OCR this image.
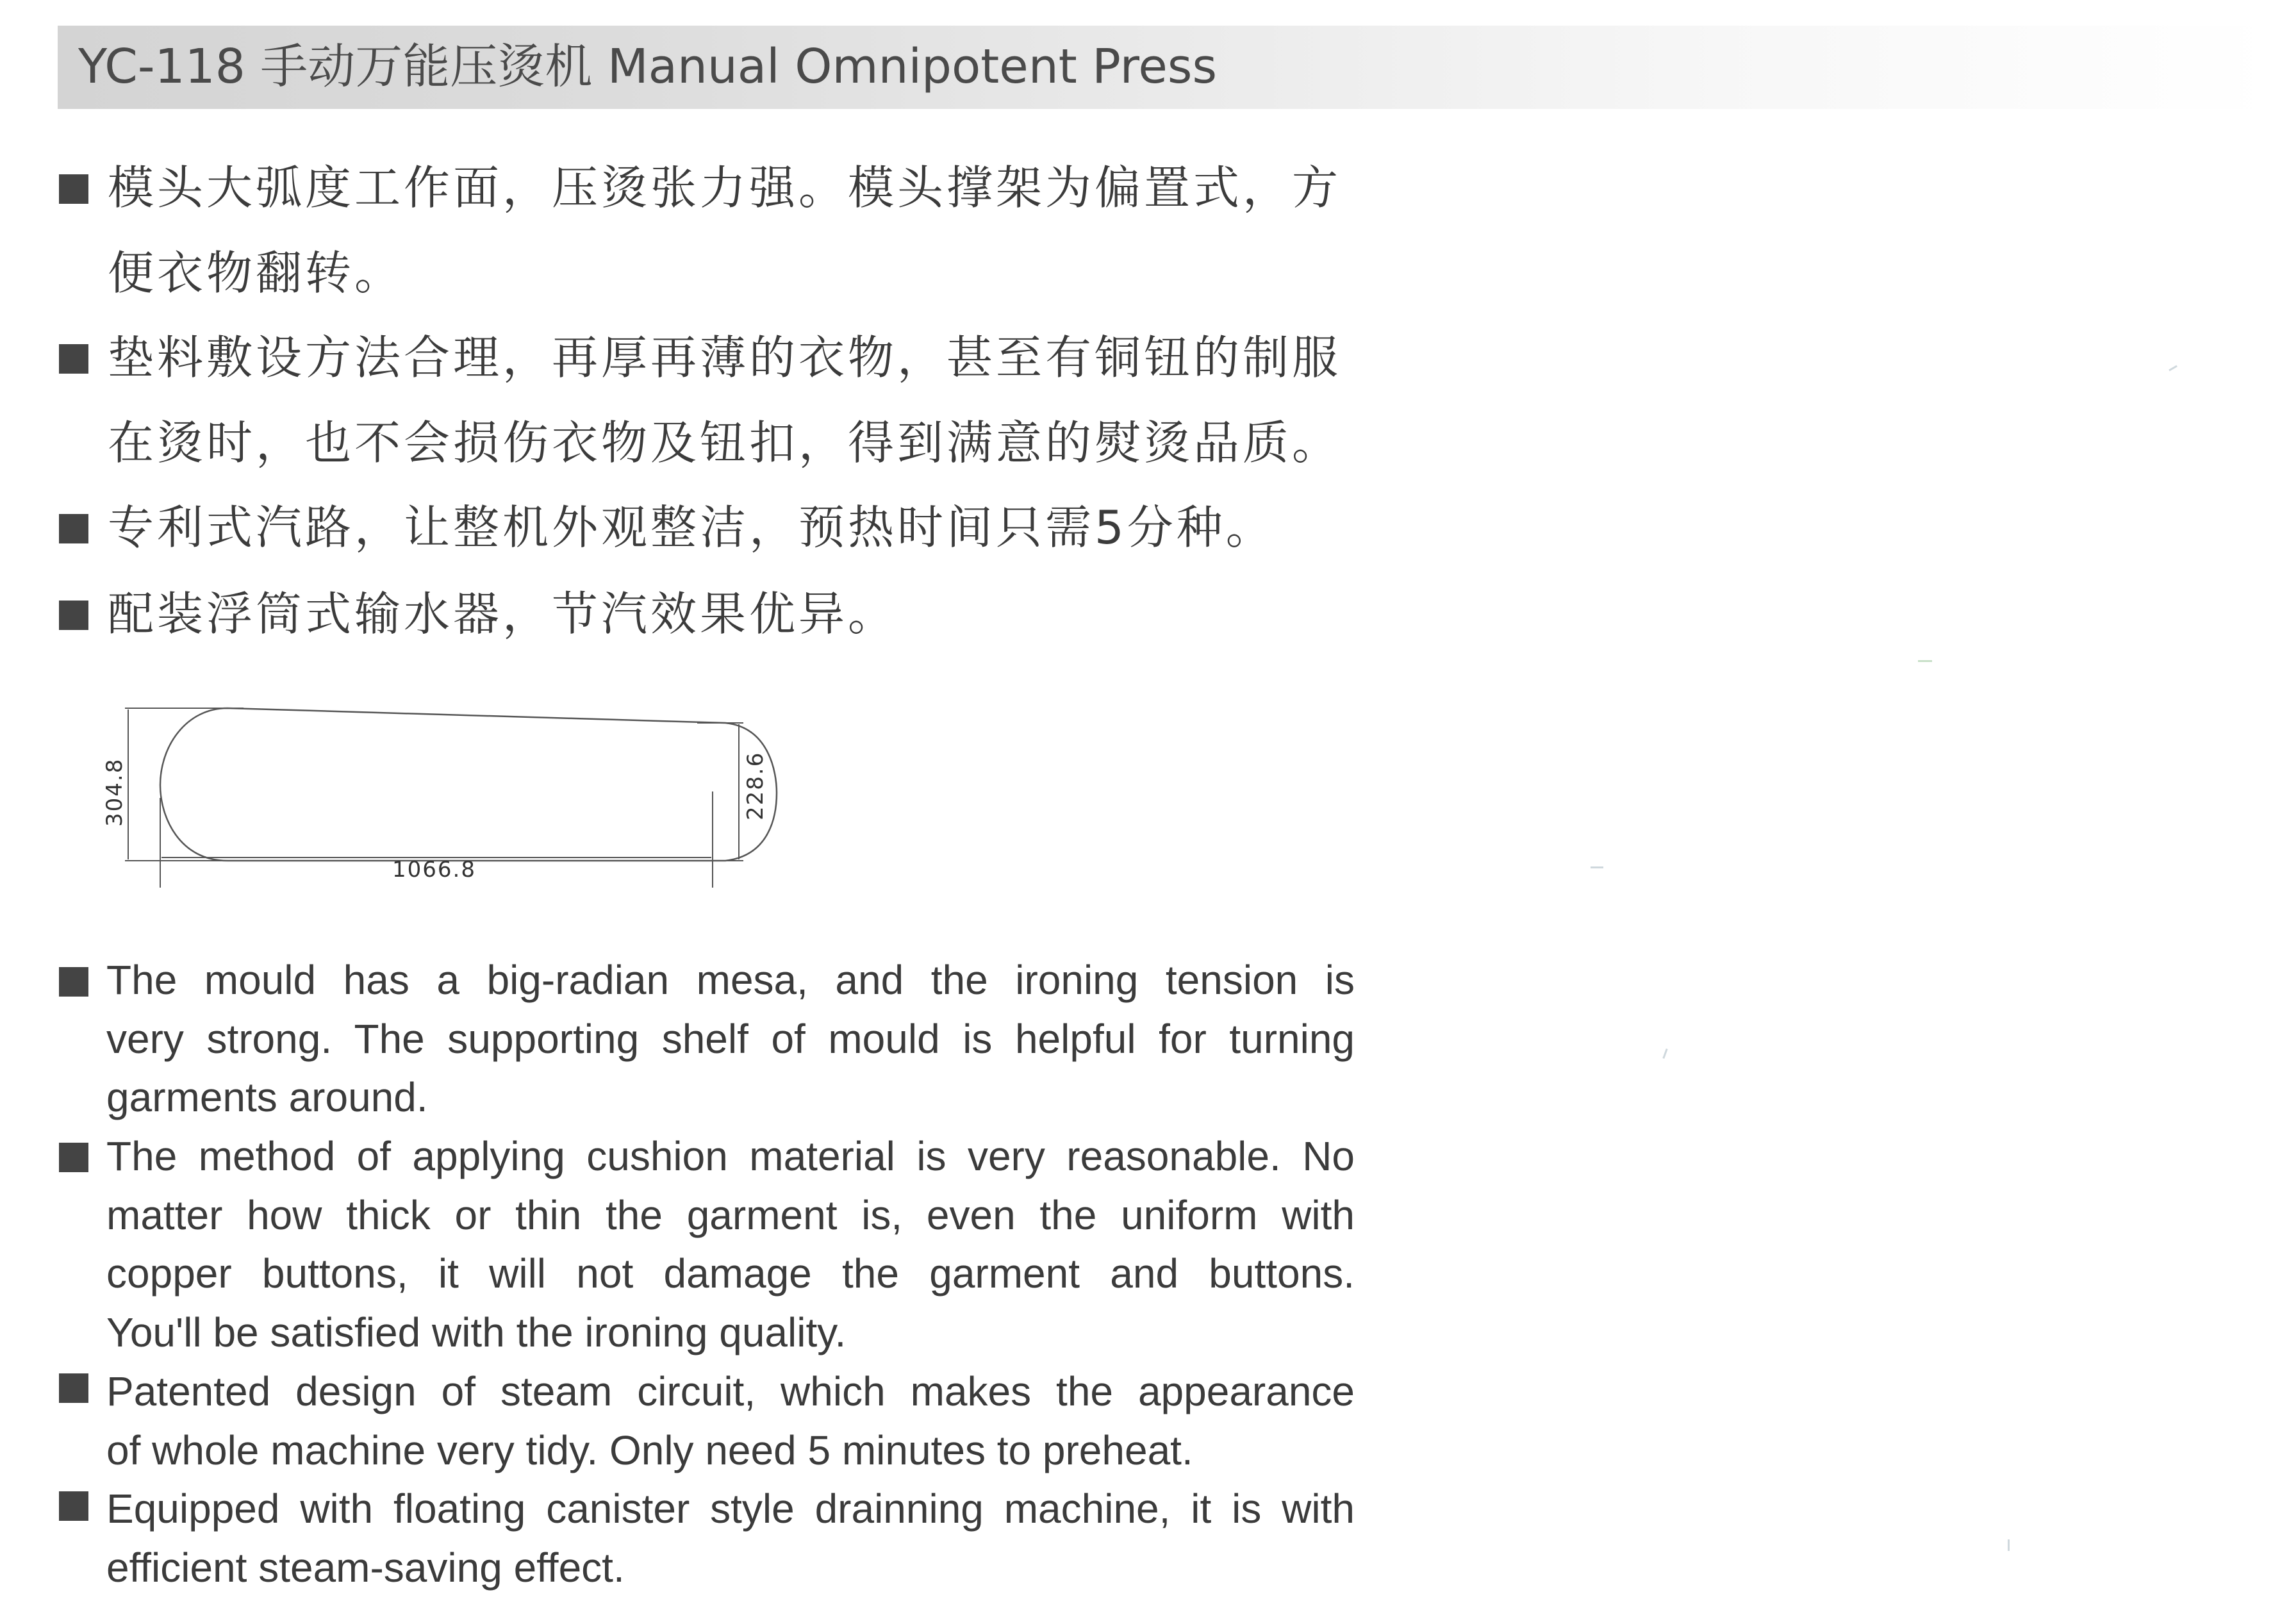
YC-118 手动万能压烫机 Manual Omnipotent Press
模头大弧度工作面，压烫张力强。模头撑架为偏置式，方
便衣物翻转。
垫料敷设方法合理，再厚再薄的衣物，甚至有铜钮的制服
在烫时，也不会损伤衣物及钮扣，得到满意的熨烫品质。
专利式汽路，让整机外观整洁，预热时间只需5分种。
配装浮筒式输水器，节汽效果优异。
304.8	228.6
1066.8
The mould has a big-radian mesa, and the ironing tension is
very strong. The supporting shelf of mould is helpful for turning
garments around.
The method of applying cushion material is very reasonable. No
matter how thick or thin the garment is, even the uniform with
copper buttons, it will not damage the garment and buttons.
You'll be satisfied with the ironing quality.
Patented design of steam circuit, which makes the appearance
of whole machine very tidy. Only need 5 minutes to preheat.
Equipped with floating canister style drainning machine, it is with
efficient steam-saving effect.
